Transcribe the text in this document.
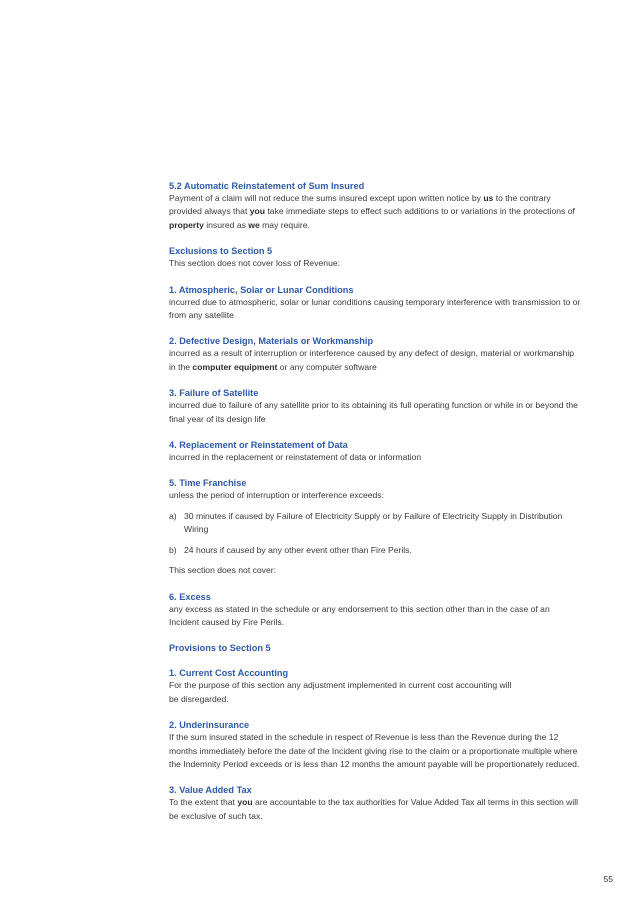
5.2 Automatic Reinstatement of Sum Insured

Payment of a claim will not reduce the sums insured except upon written notice by us to the contrary provided always that you take immediate steps to effect such additions to or variations in the protections of property insured as we may require.

Exclusions to Section 5

This section does not cover loss of Revenue:

1. Atmospheric, Solar or Lunar Conditions

incurred due to atmospheric, solar or lunar conditions causing temporary interference with transmission to or from any satellite

2. Defective Design, Materials or Workmanship

incurred as a result of interruption or interference caused by any defect of design, material or workmanship in the computer equipment or any computer software

3. Failure of Satellite

incurred due to failure of any satellite prior to its obtaining its full operating function or while in or beyond the final year of its design life

4. Replacement or Reinstatement of Data

incurred in the replacement or reinstatement of data or information

5. Time Franchise

unless the period of interruption or interference exceeds:

a) 30 minutes if caused by Failure of Electricity Supply or by Failure of Electricity Supply in Distribution Wiring
b) 24 hours if caused by any other event other than Fire Perils.

This section does not cover:

6. Excess

any excess as stated in the schedule or any endorsement to this section other than in the case of an Incident caused by Fire Perils.

Provisions to Section 5

1. Current Cost Accounting

For the purpose of this section any adjustment implemented in current cost accounting will

be disregarded.

2. Underinsurance

If the sum insured stated in the schedule in respect of Revenue is less than the Revenue during the 12 months immediately before the date of the Incident giving rise to the claim or a proportionate multiple where the Indemnity Period exceeds or is less than 12 months the amount payable will be proportionately reduced.

3. Value Added Tax

To the extent that you are accountable to the tax authorities for Value Added Tax all terms in this section will be exclusive of such tax.

55
